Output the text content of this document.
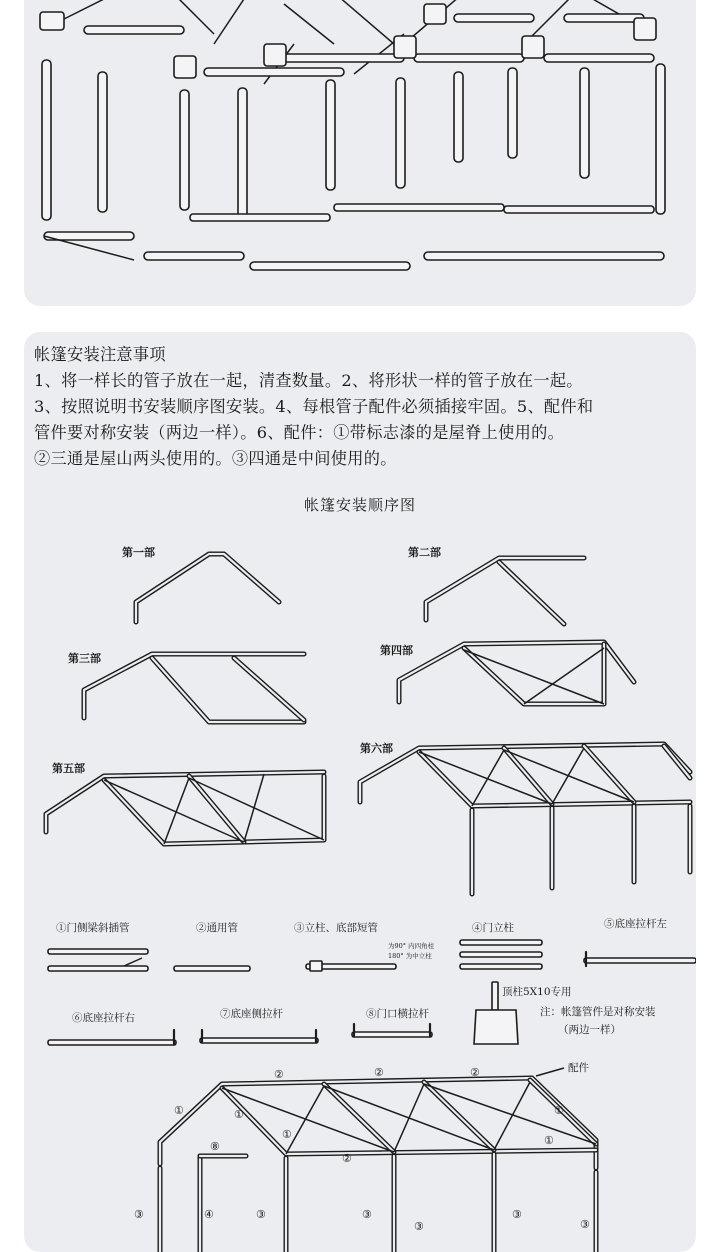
帐篷安装注意事项
1、将一样长的管子放在一起，清查数量。2、将形状一样的管子放在一起。
3、按照说明书安装顺序图安装。4、每根管子配件必须插接牢固。5、配件和
管件要对称安装（两边一样）。6、配件：①带标志漆的是屋脊上使用的。
②三通是屋山两头使用的。③四通是中间使用的。
帐篷安装顺序图
第一部	第二部
第三部
第四部
第五部
第六部
①门侧梁斜插管	②通用管	③立柱、底部短管	④门立柱	⑤底座拉杆左
⑥底座拉杆右	⑦底座侧拉杆	⑧门口横拉杆
为90° 内四角柱
180° 为中立柱
顶柱5X10专用
注：帐篷管件是对称安装
（两边一样）
配件
①	①
①	①
②	②	②
②
①
⑧
③	④	③	③	③
③	③
